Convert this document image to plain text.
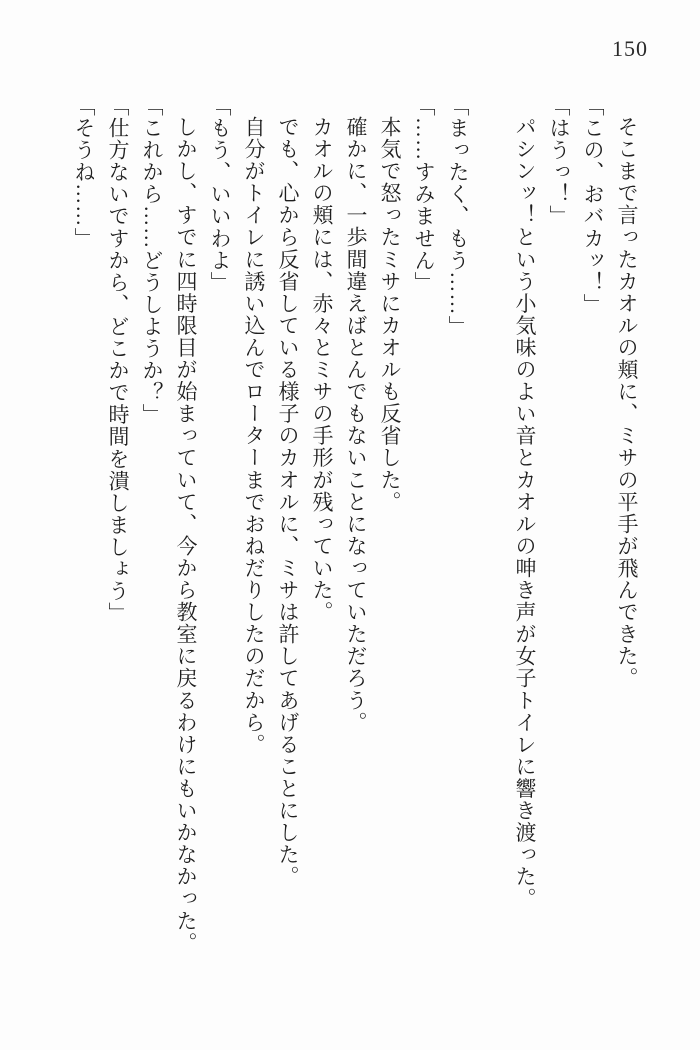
150

そこまで言ったカオルの頬に、ミサの平手が飛んできた。

「この、おバカッ！」

「はうっ！」

パシンッ！という小気味のよい音とカオルの呻き声が女子トイレに響き渡った。

「まったく、もう……」

「……すみません」

本気で怒ったミサにカオルも反省した。

確かに、一歩間違えばとんでもないことになっていただろう。

カオルの頬には、赤々とミサの手形が残っていた。

でも、心から反省している様子のカオルに、ミサは許してあげることにした。

自分がトイレに誘い込んでローターまでおねだりしたのだから。

「もう、いいわよ」

しかし、すでに四時限目が始まっていて、今から教室に戻るわけにもいかなかった。

「これから……どうしようか？」

「仕方ないですから、どこかで時間を潰しましょう」

「そうね……」
